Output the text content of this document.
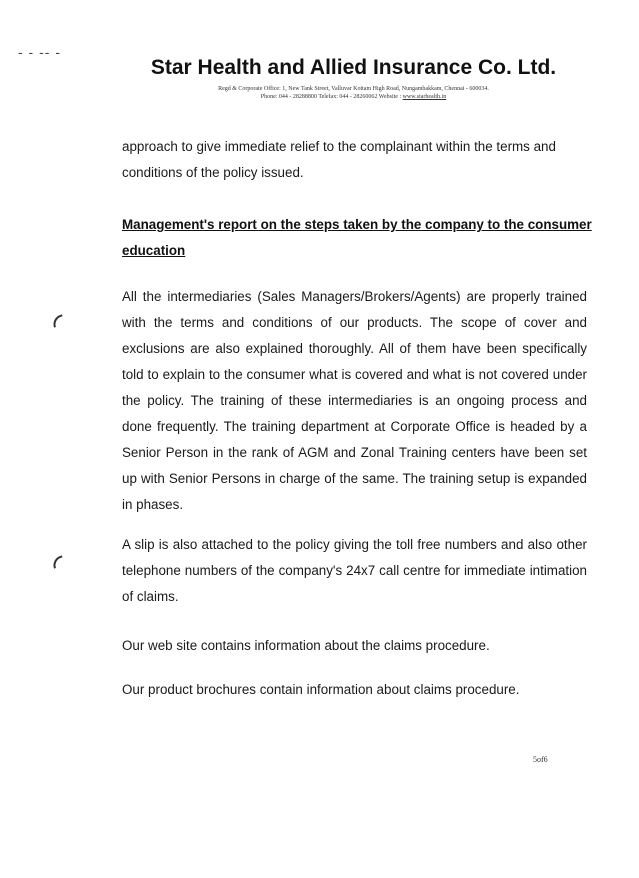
- - -- -
Star Health and Allied Insurance Co. Ltd.
Regd & Corporate Office: 1, New Tank Street, Valluvar Kottam High Road, Nungambakkam, Chennai - 600034.
Phone: 044 - 28288800 Telefax: 044 - 28260062 Website : www.starhealth.in

approach to give immediate relief to the complainant within the terms and conditions of the policy issued.

Management's report on the steps taken by the company to the consumer education

All the intermediaries (Sales Managers/Brokers/Agents) are properly trained with the terms and conditions of our products. The scope of cover and exclusions are also explained thoroughly. All of them have been specifically told to explain to the consumer what is covered and what is not covered under the policy. The training of these intermediaries is an ongoing process and done frequently. The training department at Corporate Office is headed by a Senior Person in the rank of AGM and Zonal Training centers have been set up with Senior Persons in charge of the same. The training setup is expanded in phases.

A slip is also attached to the policy giving the toll free numbers and also other telephone numbers of the company's 24x7 call centre for immediate intimation of claims.

Our web site contains information about the claims procedure.

Our product brochures contain information about claims procedure.

5of6
